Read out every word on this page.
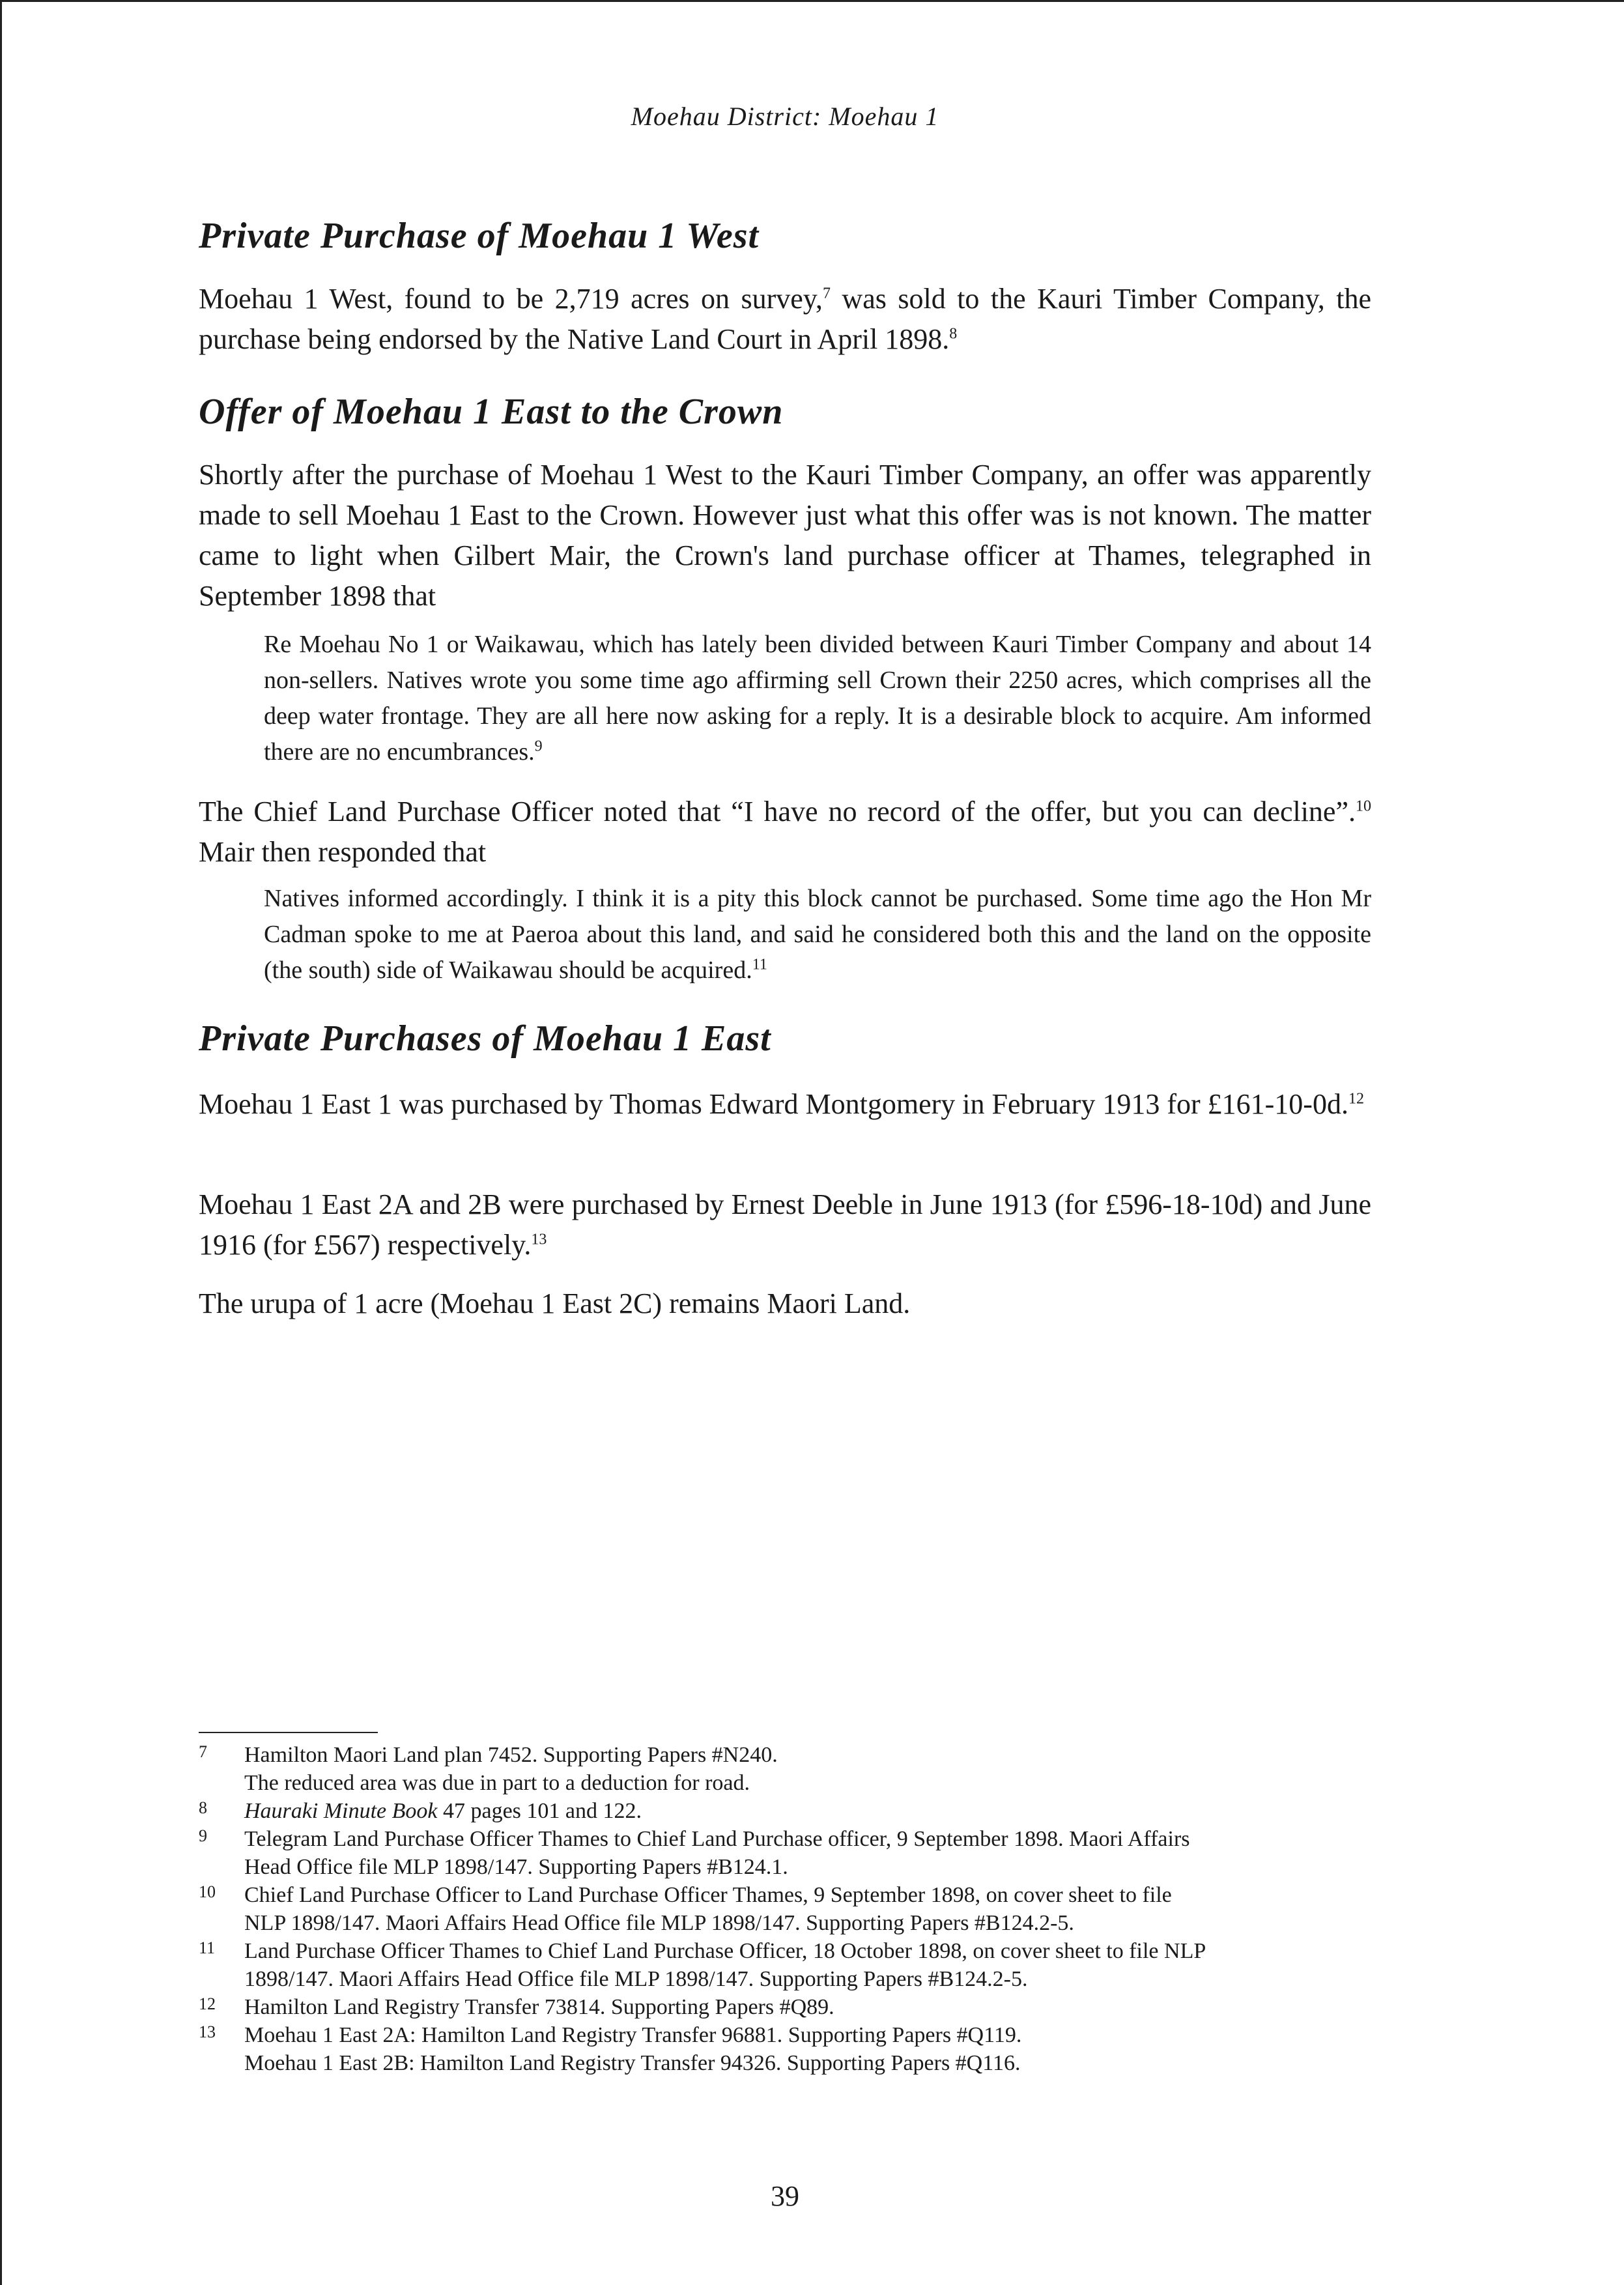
Moehau District: Moehau 1
Private Purchase of Moehau 1 West

Moehau 1 West, found to be 2,719 acres on survey,$^7$ was sold to the Kauri Timber Company, the purchase being endorsed by the Native Land Court in April 1898.$^8$

Offer of Moehau 1 East to the Crown

Shortly after the purchase of Moehau 1 West to the Kauri Timber Company, an offer was apparently made to sell Moehau 1 East to the Crown. However just what this offer was is not known. The matter came to light when Gilbert Mair, the Crown's land purchase officer at Thames, telegraphed in September 1898 that

Re Moehau No 1 or Waikawau, which has lately been divided between Kauri Timber Company and about 14 non-sellers. Natives wrote you some time ago affirming sell Crown their 2250 acres, which comprises all the deep water frontage. They are all here now asking for a reply. It is a desirable block to acquire. Am informed there are no encumbrances.$^9$

The Chief Land Purchase Officer noted that “I have no record of the offer, but you can decline”.$^{10}$ Mair then responded that

Natives informed accordingly. I think it is a pity this block cannot be purchased. Some time ago the Hon Mr Cadman spoke to me at Paeroa about this land, and said he considered both this and the land on the opposite (the south) side of Waikawau should be acquired.$^{11}$

Private Purchases of Moehau 1 East

Moehau 1 East 1 was purchased by Thomas Edward Montgomery in February 1913 for £161-10-0d.$^{12}$

Moehau 1 East 2A and 2B were purchased by Ernest Deeble in June 1913 (for £596-18-10d) and June 1916 (for £567) respectively.$^{13}$

The urupa of 1 acre (Moehau 1 East 2C) remains Maori Land.

7	Hamilton Maori Land plan 7452. Supporting Papers #N240.
The reduced area was due in part to a deduction for road.
8	Hauraki Minute Book 47 pages 101 and 122.
9	Telegram Land Purchase Officer Thames to Chief Land Purchase officer, 9 September 1898. Maori Affairs
Head Office file MLP 1898/147. Supporting Papers #B124.1.
10	Chief Land Purchase Officer to Land Purchase Officer Thames, 9 September 1898, on cover sheet to file
NLP 1898/147. Maori Affairs Head Office file MLP 1898/147. Supporting Papers #B124.2-5.
11	Land Purchase Officer Thames to Chief Land Purchase Officer, 18 October 1898, on cover sheet to file NLP
1898/147. Maori Affairs Head Office file MLP 1898/147. Supporting Papers #B124.2-5.
12	Hamilton Land Registry Transfer 73814. Supporting Papers #Q89.
13	Moehau 1 East 2A: Hamilton Land Registry Transfer 96881. Supporting Papers #Q119.
Moehau 1 East 2B: Hamilton Land Registry Transfer 94326. Supporting Papers #Q116.
39
